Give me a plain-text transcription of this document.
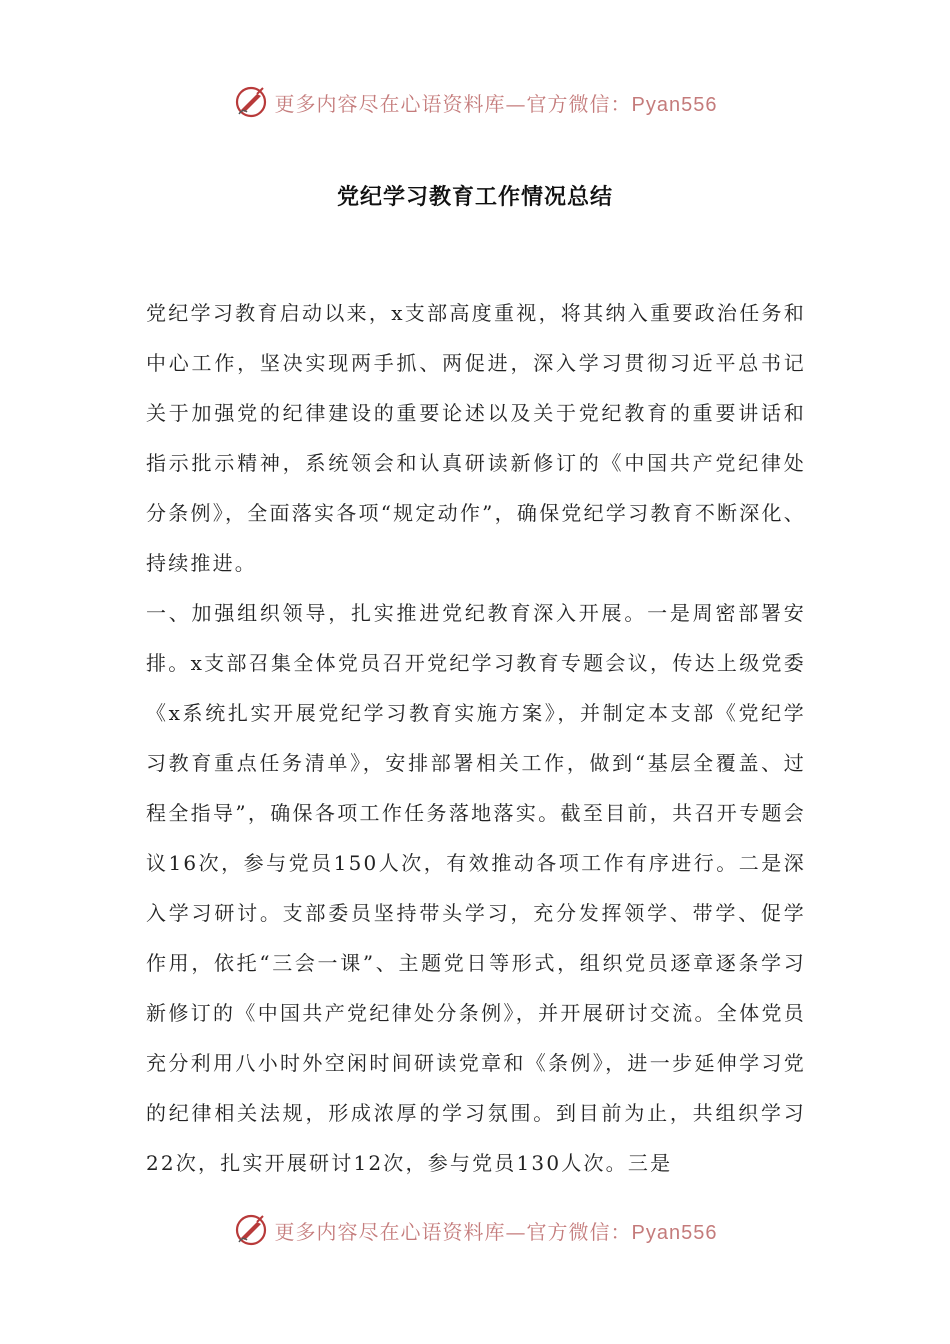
更多内容尽在心语资料库—官方微信：Pyan556
党纪学习教育工作情况总结

党纪学习教育启动以来，x支部高度重视，将其纳入重要政治任务和中心工作，坚决实现两手抓、两促进，深入学习贯彻习近平总书记关于加强党的纪律建设的重要论述以及关于党纪教育的重要讲话和指示批示精神，系统领会和认真研读新修订的《中国共产党纪律处分条例》，全面落实各项“规定动作”，确保党纪学习教育不断深化、持续推进。

一、加强组织领导，扎实推进党纪教育深入开展。一是周密部署安排。x支部召集全体党员召开党纪学习教育专题会议，传达上级党委《x系统扎实开展党纪学习教育实施方案》，并制定本支部《党纪学习教育重点任务清单》，安排部署相关工作，做到“基层全覆盖、过程全指导”，确保各项工作任务落地落实。截至目前，共召开专题会议16次，参与党员150人次，有效推动各项工作有序进行。二是深入学习研讨。支部委员坚持带头学习，充分发挥领学、带学、促学作用，依托“三会一课”、主题党日等形式，组织党员逐章逐条学习新修订的《中国共产党纪律处分条例》，并开展研讨交流。全体党员充分利用八小时外空闲时间研读党章和《条例》，进一步延伸学习党的纪律相关法规，形成浓厚的学习氛围。到目前为止，共组织学习22次，扎实开展研讨12次，参与党员130人次。三是

更多内容尽在心语资料库—官方微信：Pyan556
